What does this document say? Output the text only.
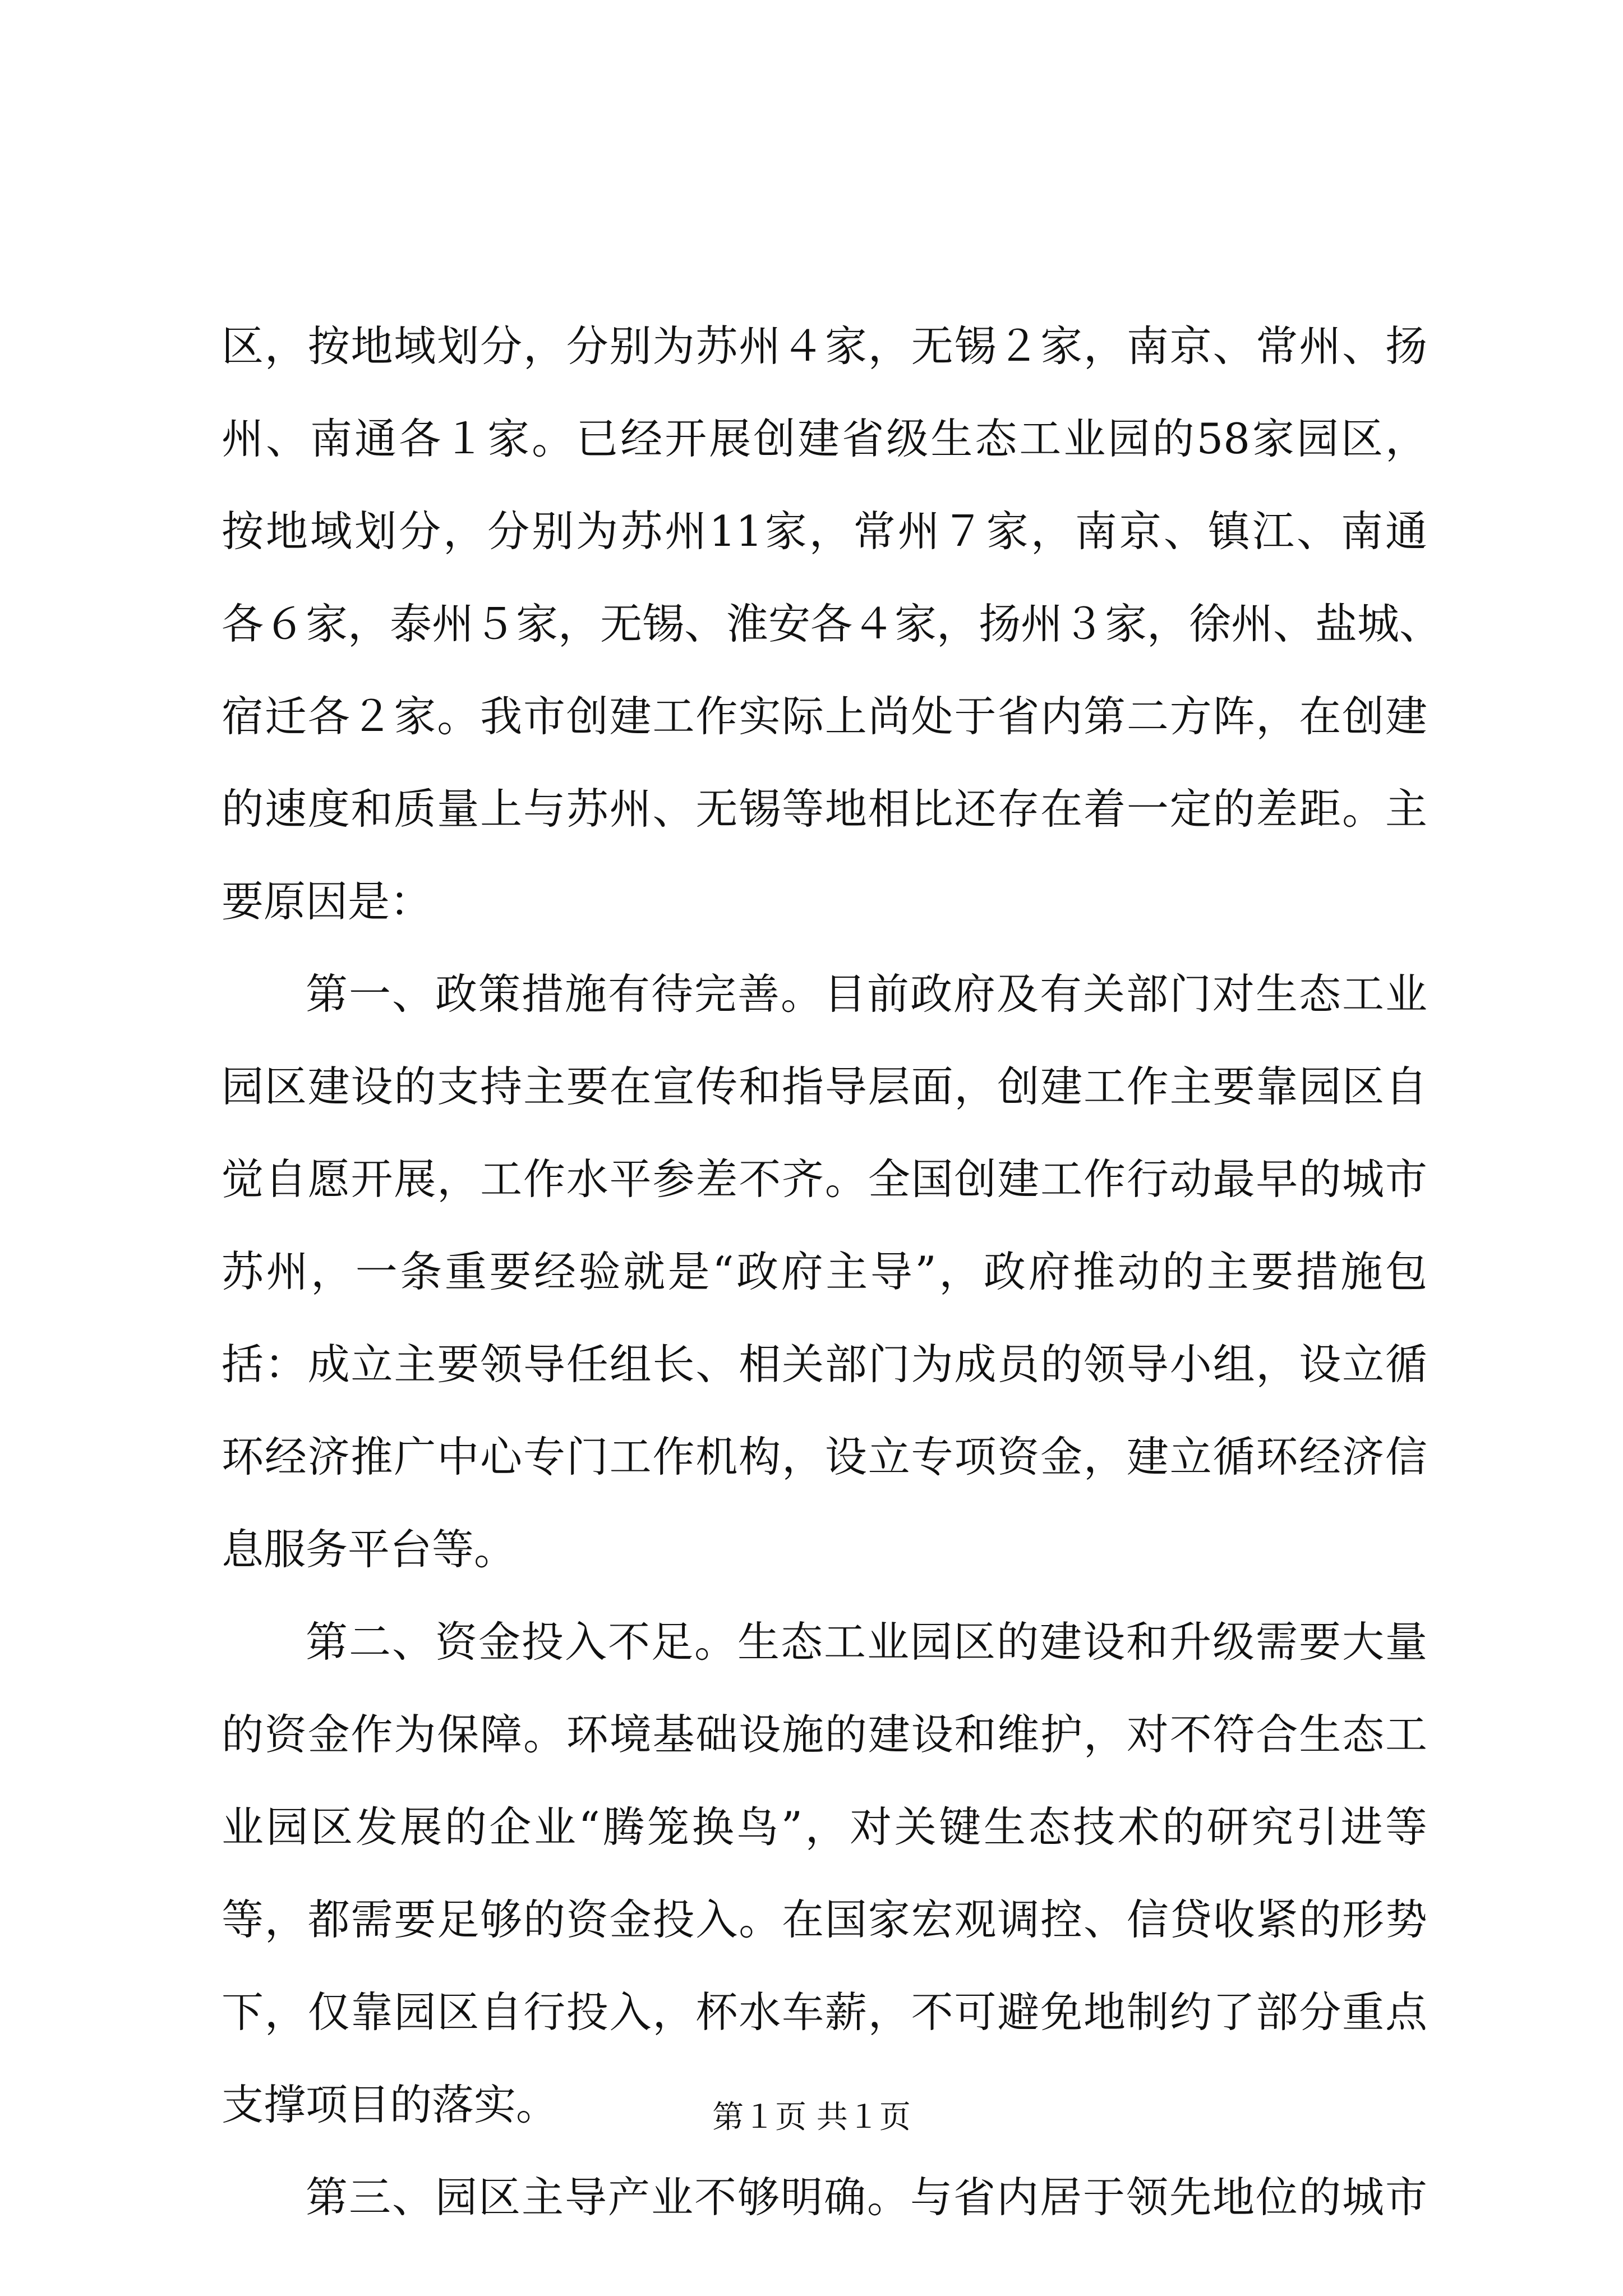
区，按地域划分，分别为苏州４家，无锡２家，南京、常州、扬
州、南通各１家。已经开展创建省级生态工业园的58家园区，
按地域划分，分别为苏州11家，常州７家，南京、镇江、南通
各６家，泰州５家，无锡、淮安各４家，扬州３家，徐州、盐城、
宿迁各２家。我市创建工作实际上尚处于省内第二方阵，在创建
的速度和质量上与苏州、无锡等地相比还存在着一定的差距。主
要原因是：
第一、政策措施有待完善。目前政府及有关部门对生态工业
园区建设的支持主要在宣传和指导层面，创建工作主要靠园区自
觉自愿开展，工作水平参差不齐。全国创建工作行动最早的城市
苏州，一条重要经验就是“政府主导”，政府推动的主要措施包
括：成立主要领导任组长、相关部门为成员的领导小组，设立循
环经济推广中心专门工作机构，设立专项资金，建立循环经济信
息服务平台等。
第二、资金投入不足。生态工业园区的建设和升级需要大量
的资金作为保障。环境基础设施的建设和维护，对不符合生态工
业园区发展的企业“腾笼换鸟”，对关键生态技术的研究引进等
等，都需要足够的资金投入。在国家宏观调控、信贷收紧的形势
下，仅靠园区自行投入，杯水车薪，不可避免地制约了部分重点
支撑项目的落实。
第三、园区主导产业不够明确。与省内居于领先地位的城市
第１页 共１页
